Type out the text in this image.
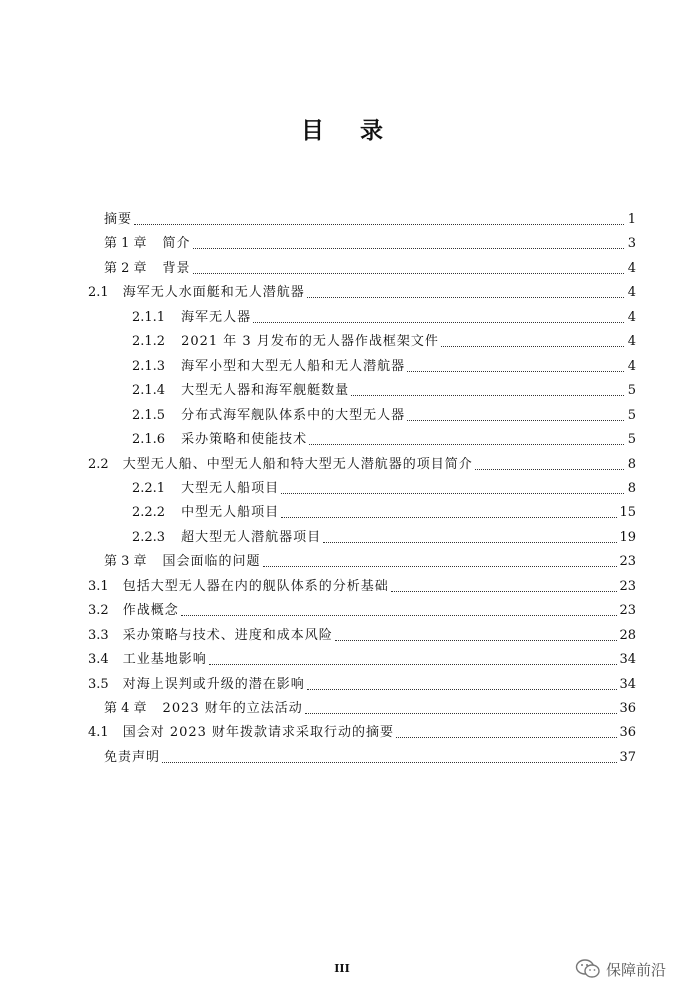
目 录
摘要	1
第 1 章 简介	3
第 2 章 背景	4
2.1 海军无人水面艇和无人潜航器	4
2.1.1 海军无人器	4
2.1.2 2021 年 3 月发布的无人器作战框架文件	4
2.1.3 海军小型和大型无人船和无人潜航器	4
2.1.4 大型无人器和海军舰艇数量	5
2.1.5 分布式海军舰队体系中的大型无人器	5
2.1.6 采办策略和使能技术	5
2.2 大型无人船、中型无人船和特大型无人潜航器的项目简介	8
2.2.1 大型无人船项目	8
2.2.2 中型无人船项目	15
2.2.3 超大型无人潜航器项目	19
第 3 章 国会面临的问题	23
3.1 包括大型无人器在内的舰队体系的分析基础	23
3.2 作战概念	23
3.3 采办策略与技术、进度和成本风险	28
3.4 工业基地影响	34
3.5 对海上误判或升级的潜在影响	34
第 4 章 2023 财年的立法活动	36
4.1 国会对 2023 财年拨款请求采取行动的摘要	36
免责声明	37
III	保障前沿
